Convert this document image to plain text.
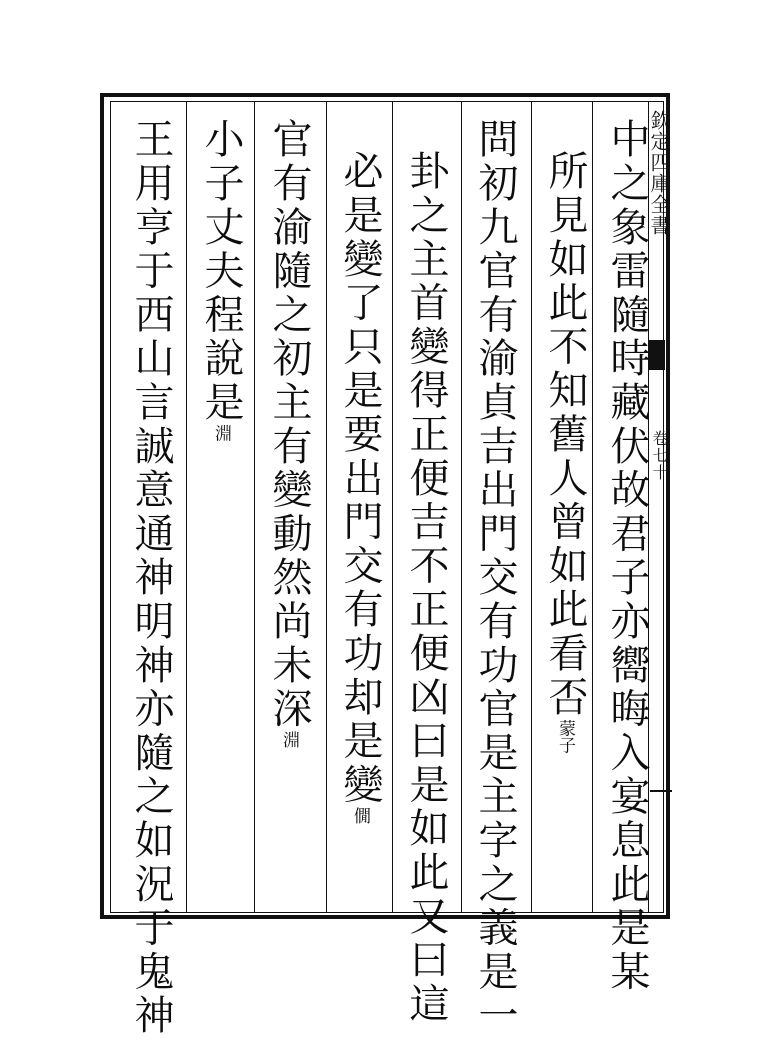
欽定四庫全書
卷七十
中之象雷隨時藏伏故君子亦嚮晦入宴息此是某
所見如此不知舊人曾如此看否蒙子
問初九官有渝貞吉出門交有功官是主字之義是一
卦之主首變得正便吉不正便凶曰是如此又曰這
必是變了只是要出門交有功却是變僩
官有渝隨之初主有變動然尚未深淵
小子丈夫程說是淵
王用亨于西山言誠意通神明神亦隨之如況于鬼神
